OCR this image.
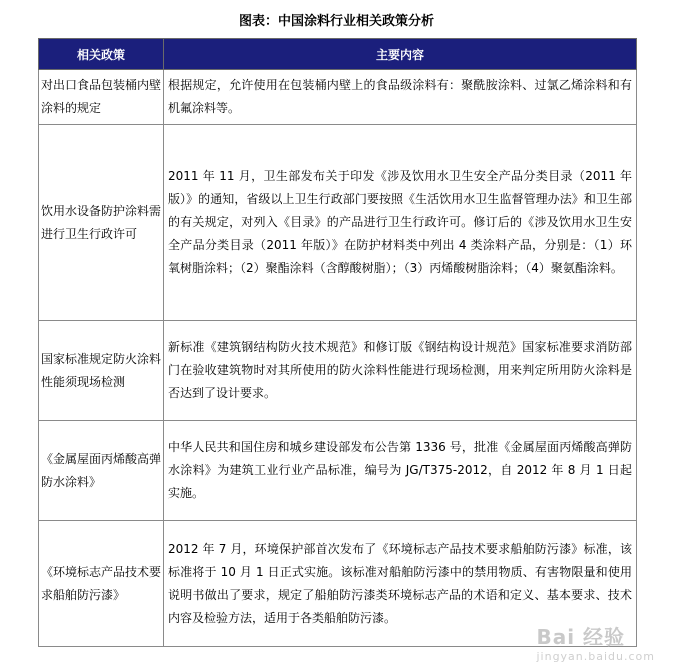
图表：中国涂料行业相关政策分析
相关政策	主要内容
对出口食品包装桶内壁涂料的规定	根据规定，允许使用在包装桶内壁上的食品级涂料有：聚酰胺涂料、过氯乙烯涂料和有机氟涂料等。
饮用水设备防护涂料需进行卫生行政许可	2011 年 11 月，卫生部发布关于印发《涉及饮用水卫生安全产品分类目录（2011 年版）》的通知，省级以上卫生行政部门要按照《生活饮用水卫生监督管理办法》和卫生部的有关规定，对列入《目录》的产品进行卫生行政许可。修订后的《涉及饮用水卫生安全产品分类目录（2011 年版）》在防护材料类中列出 4 类涂料产品，分别是：（1）环氧树脂涂料；（2）聚酯涂料（含醇酸树脂）；（3）丙烯酸树脂涂料；（4）聚氨酯涂料。
国家标准规定防火涂料性能须现场检测	新标准《建筑钢结构防火技术规范》和修订版《钢结构设计规范》国家标准要求消防部门在验收建筑物时对其所使用的防火涂料性能进行现场检测，用来判定所用防火涂料是否达到了设计要求。
《金属屋面丙烯酸高弹防水涂料》	中华人民共和国住房和城乡建设部发布公告第 1336 号，批准《金属屋面丙烯酸高弹防水涂料》为建筑工业行业产品标准，编号为 JG/T375-2012，自 2012 年 8 月 1 日起实施。
《环境标志产品技术要求船舶防污漆》	2012 年 7 月，环境保护部首次发布了《环境标志产品技术要求船舶防污漆》标准，该标准将于 10 月 1 日正式实施。该标准对船舶防污漆中的禁用物质、有害物限量和使用说明书做出了要求，规定了船舶防污漆类环境标志产品的术语和定义、基本要求、技术内容及检验方法，适用于各类船舶防污漆。
Bai 经验
jingyan.baidu.com
